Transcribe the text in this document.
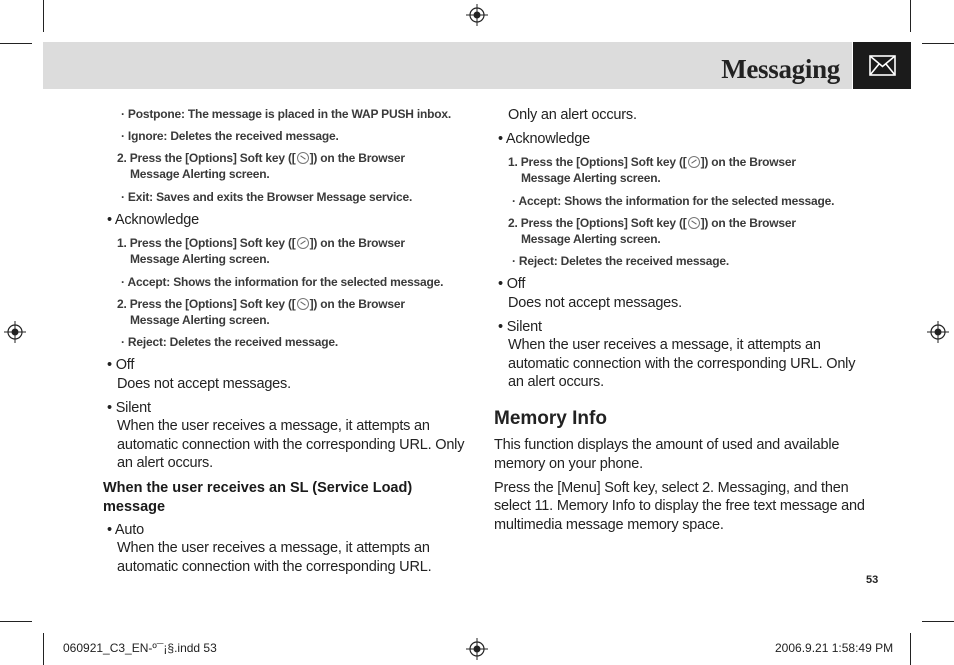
Messaging
· Postpone: The message is placed in the WAP PUSH inbox.
· Ignore: Deletes the received message.
2. Press the [Options] Soft key ([ ]) on the Browser
Message Alerting screen.
· Exit: Saves and exits the Browser Message service.
• Acknowledge
1. Press the [Options] Soft key ([ ]) on the Browser
Message Alerting screen.
· Accept: Shows the information for the selected message.
2. Press the [Options] Soft key ([ ]) on the Browser
Message Alerting screen.
· Reject: Deletes the received message.
• Off
Does not accept messages.
• Silent
When the user receives a message, it attempts an
automatic connection with the corresponding URL. Only
an alert occurs.
When the user receives an SL (Service Load)
message
• Auto
When the user receives a message, it attempts an
automatic connection with the corresponding URL.
Only an alert occurs.
• Acknowledge
1. Press the [Options] Soft key ([ ]) on the Browser
Message Alerting screen.
· Accept: Shows the information for the selected message.
2. Press the [Options] Soft key ([ ]) on the Browser
Message Alerting screen.
· Reject: Deletes the received message.
• Off
Does not accept messages.
• Silent
When the user receives a message, it attempts an
automatic connection with the corresponding URL. Only
an alert occurs.
Memory Info
This function displays the amount of used and available
memory on your phone.
Press the [Menu] Soft key, select 2. Messaging, and then
select 11. Memory Info to display the free text message and
multimedia message memory space.
53
060921_C3_EN-º¯¡§.indd 53	2006.9.21 1:58:49 PM
